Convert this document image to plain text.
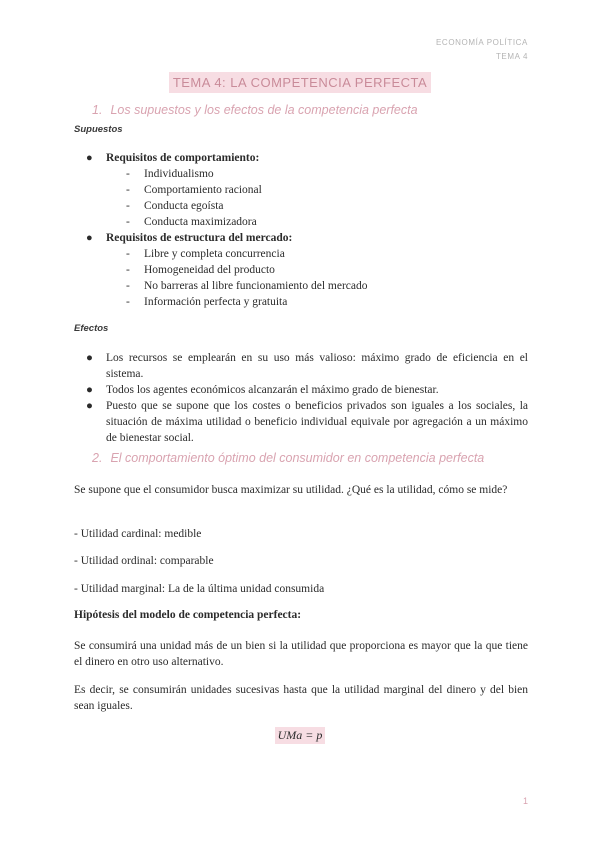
ECONOMÍA POLÍTICA
TEMA 4
TEMA 4: LA COMPETENCIA PERFECTA
1. Los supuestos y los efectos de la competencia perfecta
Supuestos
● Requisitos de comportamiento:
- Individualismo
- Comportamiento racional
- Conducta egoísta
- Conducta maximizadora
● Requisitos de estructura del mercado:
- Libre y completa concurrencia
- Homogeneidad del producto
- No barreras al libre funcionamiento del mercado
- Información perfecta y gratuita
Efectos
● Los recursos se emplearán en su uso más valioso: máximo grado de eficiencia en el sistema.
● Todos los agentes económicos alcanzarán el máximo grado de bienestar.
● Puesto que se supone que los costes o beneficios privados son iguales a los sociales, la situación de máxima utilidad o beneficio individual equivale por agregación a un máximo de bienestar social.
2. El comportamiento óptimo del consumidor en competencia perfecta
Se supone que el consumidor busca maximizar su utilidad. ¿Qué es la utilidad, cómo se mide?
- Utilidad cardinal: medible
- Utilidad ordinal: comparable
- Utilidad marginal: La de la última unidad consumida
Hipótesis del modelo de competencia perfecta:
Se consumirá una unidad más de un bien si la utilidad que proporciona es mayor que la que tiene el dinero en otro uso alternativo.
Es decir, se consumirán unidades sucesivas hasta que la utilidad marginal del dinero y del bien sean iguales.
UMa = p
1
